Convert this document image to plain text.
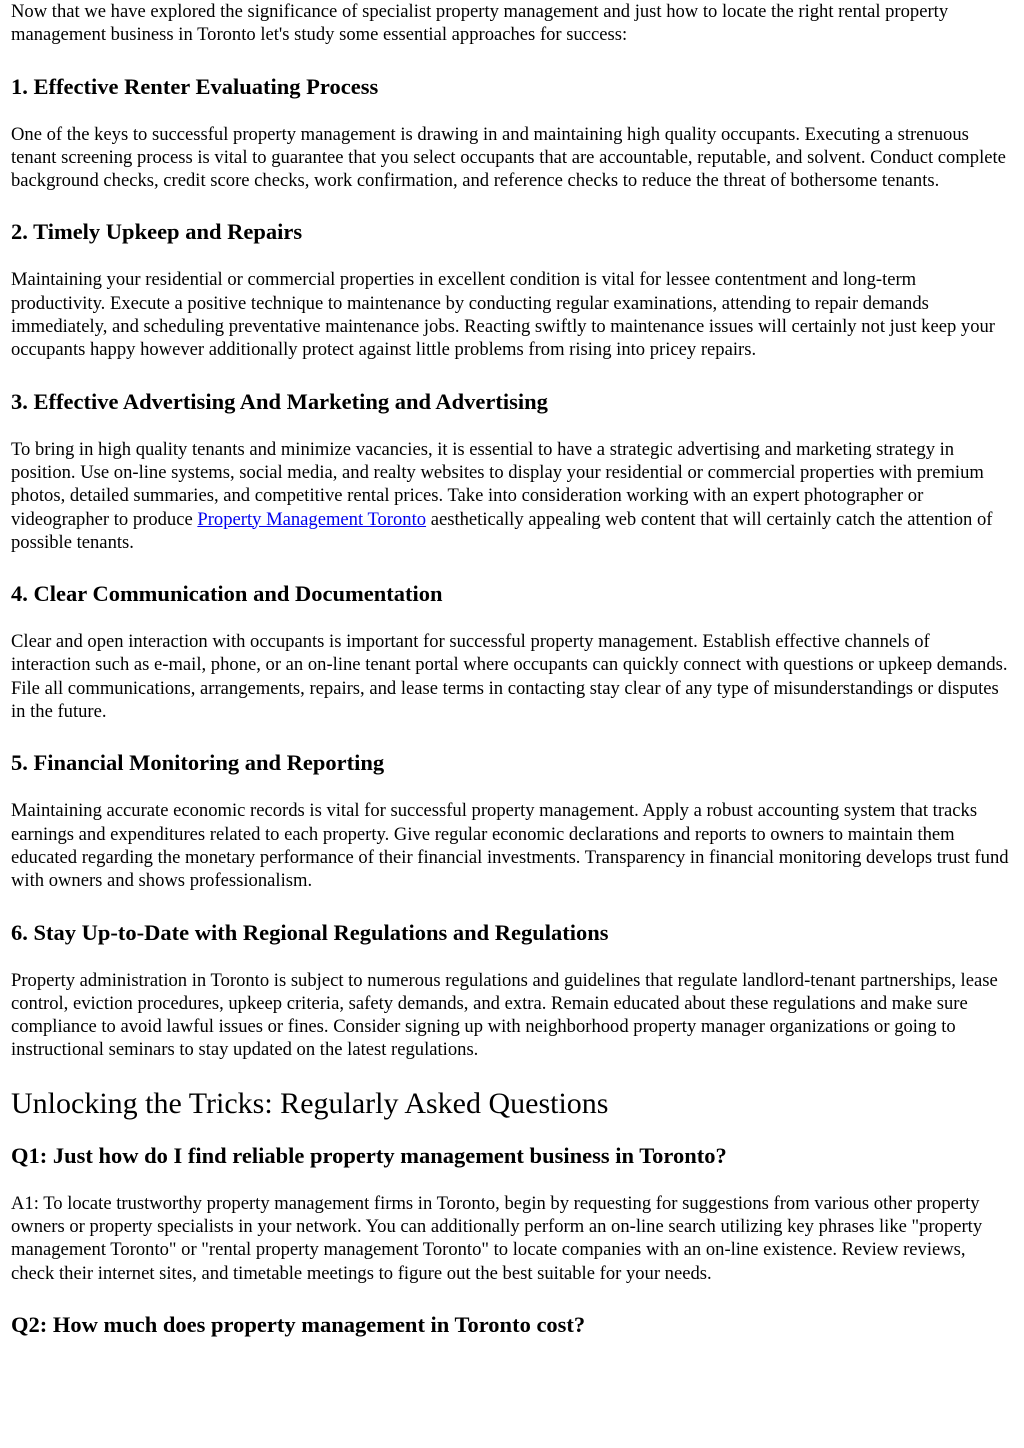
Now that we have explored the significance of specialist property management and just how to locate the right rental property management business in Toronto let's study some essential approaches for success:

1. Effective Renter Evaluating Process

One of the keys to successful property management is drawing in and maintaining high quality occupants. Executing a strenuous tenant screening process is vital to guarantee that you select occupants that are accountable, reputable, and solvent. Conduct complete background checks, credit score checks, work confirmation, and reference checks to reduce the threat of bothersome tenants.

2. Timely Upkeep and Repairs

Maintaining your residential or commercial properties in excellent condition is vital for lessee contentment and long-term productivity. Execute a positive technique to maintenance by conducting regular examinations, attending to repair demands immediately, and scheduling preventative maintenance jobs. Reacting swiftly to maintenance issues will certainly not just keep your occupants happy however additionally protect against little problems from rising into pricey repairs.

3. Effective Advertising And Marketing and Advertising

To bring in high quality tenants and minimize vacancies, it is essential to have a strategic advertising and marketing strategy in position. Use on-line systems, social media, and realty websites to display your residential or commercial properties with premium photos, detailed summaries, and competitive rental prices. Take into consideration working with an expert photographer or videographer to produce Property Management Toronto aesthetically appealing web content that will certainly catch the attention of possible tenants.

4. Clear Communication and Documentation

Clear and open interaction with occupants is important for successful property management. Establish effective channels of interaction such as e-mail, phone, or an on-line tenant portal where occupants can quickly connect with questions or upkeep demands. File all communications, arrangements, repairs, and lease terms in contacting stay clear of any type of misunderstandings or disputes in the future.

5. Financial Monitoring and Reporting

Maintaining accurate economic records is vital for successful property management. Apply a robust accounting system that tracks earnings and expenditures related to each property. Give regular economic declarations and reports to owners to maintain them educated regarding the monetary performance of their financial investments. Transparency in financial monitoring develops trust fund with owners and shows professionalism.

6. Stay Up-to-Date with Regional Regulations and Regulations

Property administration in Toronto is subject to numerous regulations and guidelines that regulate landlord-tenant partnerships, lease control, eviction procedures, upkeep criteria, safety demands, and extra. Remain educated about these regulations and make sure compliance to avoid lawful issues or fines. Consider signing up with neighborhood property manager organizations or going to instructional seminars to stay updated on the latest regulations.

Unlocking the Tricks: Regularly Asked Questions
Q1: Just how do I find reliable property management business in Toronto?

A1: To locate trustworthy property management firms in Toronto, begin by requesting for suggestions from various other property owners or property specialists in your network. You can additionally perform an on-line search utilizing key phrases like "property management Toronto" or "rental property management Toronto" to locate companies with an on-line existence. Review reviews, check their internet sites, and timetable meetings to figure out the best suitable for your needs.

Q2: How much does property management in Toronto cost?
